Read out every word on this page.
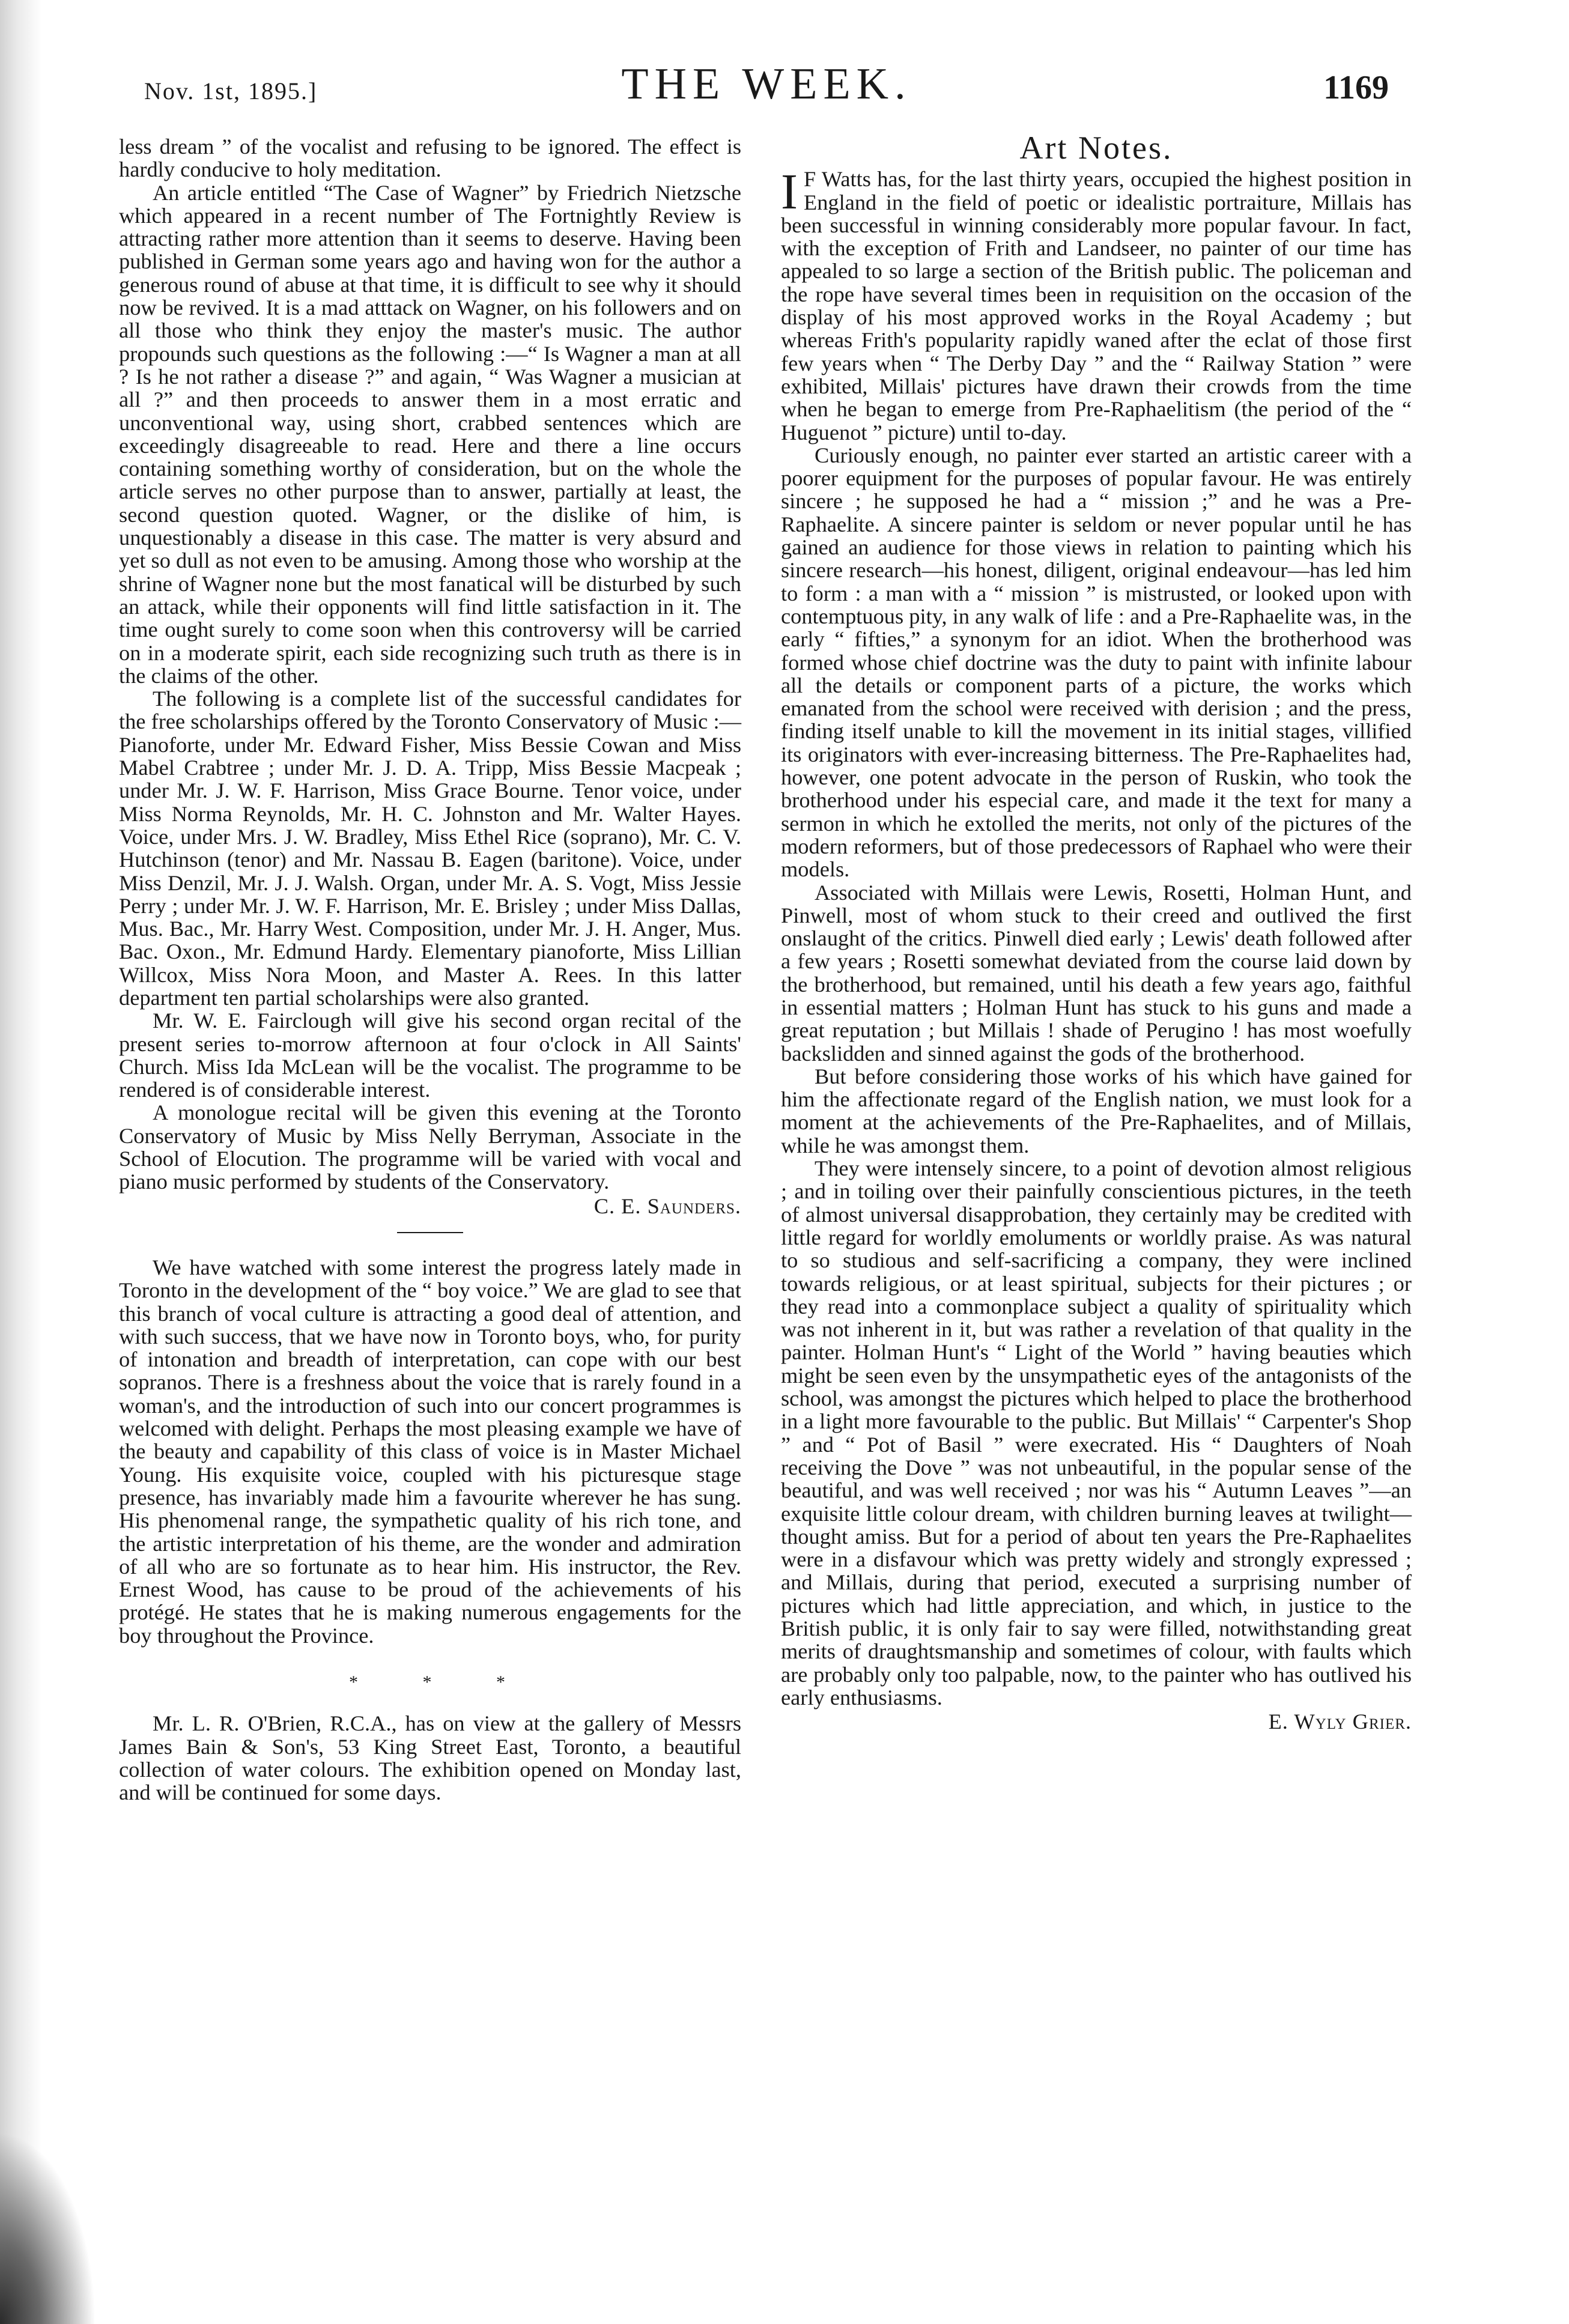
Nov. 1st, 1895.]	THE WEEK.	1169

less dream ” of the vocalist and refusing to be ignored. The effect is hardly conducive to holy meditation.

An article entitled “The Case of Wagner” by Friedrich Nietzsche which appeared in a recent number of The Fortnightly Review is attracting rather more attention than it seems to deserve. Having been published in German some years ago and having won for the author a generous round of abuse at that time, it is difficult to see why it should now be revived. It is a mad atttack on Wagner, on his followers and on all those who think they enjoy the master's music. The author propounds such questions as the following :—“ Is Wagner a man at all ? Is he not rather a disease ?” and again, “ Was Wagner a musician at all ?” and then proceeds to answer them in a most erratic and unconventional way, using short, crabbed sentences which are exceedingly disagreeable to read. Here and there a line occurs containing something worthy of consideration, but on the whole the article serves no other purpose than to answer, partially at least, the second question quoted. Wagner, or the dislike of him, is unquestionably a disease in this case. The matter is very absurd and yet so dull as not even to be amusing. Among those who worship at the shrine of Wagner none but the most fanatical will be disturbed by such an attack, while their opponents will find little satisfaction in it. The time ought surely to come soon when this controversy will be carried on in a moderate spirit, each side recognizing such truth as there is in the claims of the other.

The following is a complete list of the successful candidates for the free scholarships offered by the Toronto Conservatory of Music :—Pianoforte, under Mr. Edward Fisher, Miss Bessie Cowan and Miss Mabel Crabtree ; under Mr. J. D. A. Tripp, Miss Bessie Macpeak ; under Mr. J. W. F. Harrison, Miss Grace Bourne. Tenor voice, under Miss Norma Reynolds, Mr. H. C. Johnston and Mr. Walter Hayes. Voice, under Mrs. J. W. Bradley, Miss Ethel Rice (soprano), Mr. C. V. Hutchinson (tenor) and Mr. Nassau B. Eagen (baritone). Voice, under Miss Denzil, Mr. J. J. Walsh. Organ, under Mr. A. S. Vogt, Miss Jessie Perry ; under Mr. J. W. F. Harrison, Mr. E. Brisley ; under Miss Dallas, Mus. Bac., Mr. Harry West. Composition, under Mr. J. H. Anger, Mus. Bac. Oxon., Mr. Edmund Hardy. Elementary pianoforte, Miss Lillian Willcox, Miss Nora Moon, and Master A. Rees. In this latter department ten partial scholarships were also granted.

Mr. W. E. Fairclough will give his second organ recital of the present series to-morrow afternoon at four o'clock in All Saints' Church. Miss Ida McLean will be the vocalist. The programme to be rendered is of considerable interest.

A monologue recital will be given this evening at the Toronto Conservatory of Music by Miss Nelly Berryman, Associate in the School of Elocution. The programme will be varied with vocal and piano music performed by students of the Conservatory.

C. E. Saunders.

We have watched with some interest the progress lately made in Toronto in the development of the “ boy voice.” We are glad to see that this branch of vocal culture is attracting a good deal of attention, and with such success, that we have now in Toronto boys, who, for purity of intonation and breadth of interpretation, can cope with our best sopranos. There is a freshness about the voice that is rarely found in a woman's, and the introduction of such into our concert programmes is welcomed with delight. Perhaps the most pleasing example we have of the beauty and capability of this class of voice is in Master Michael Young. His exquisite voice, coupled with his picturesque stage presence, has invariably made him a favourite wherever he has sung. His phenomenal range, the sympathetic quality of his rich tone, and the artistic interpretation of his theme, are the wonder and admiration of all who are so fortunate as to hear him. His instructor, the Rev. Ernest Wood, has cause to be proud of the achievements of his protégé. He states that he is making numerous engagements for the boy throughout the Province.

* * *

Mr. L. R. O'Brien, R.C.A., has on view at the gallery of Messrs James Bain & Son's, 53 King Street East, Toronto, a beautiful collection of water colours. The exhibition opened on Monday last, and will be continued for some days.

Art Notes.

I F Watts has, for the last thirty years, occupied the highest position in England in the field of poetic or idealistic portraiture, Millais has been successful in winning considerably more popular favour. In fact, with the exception of Frith and Landseer, no painter of our time has appealed to so large a section of the British public. The policeman and the rope have several times been in requisition on the occasion of the display of his most approved works in the Royal Academy ; but whereas Frith's popularity rapidly waned after the eclat of those first few years when “ The Derby Day ” and the “ Railway Station ” were exhibited, Millais' pictures have drawn their crowds from the time when he began to emerge from Pre-Raphaelitism (the period of the “ Huguenot ” picture) until to-day.

Curiously enough, no painter ever started an artistic career with a poorer equipment for the purposes of popular favour. He was entirely sincere ; he supposed he had a “ mission ;” and he was a Pre-Raphaelite. A sincere painter is seldom or never popular until he has gained an audience for those views in relation to painting which his sincere research—his honest, diligent, original endeavour—has led him to form : a man with a “ mission ” is mistrusted, or looked upon with contemptuous pity, in any walk of life : and a Pre-Raphaelite was, in the early “ fifties,” a synonym for an idiot. When the brotherhood was formed whose chief doctrine was the duty to paint with infinite labour all the details or component parts of a picture, the works which emanated from the school were received with derision ; and the press, finding itself unable to kill the movement in its initial stages, villified its originators with ever-increasing bitterness. The Pre-Raphaelites had, however, one potent advocate in the person of Ruskin, who took the brotherhood under his especial care, and made it the text for many a sermon in which he extolled the merits, not only of the pictures of the modern reformers, but of those predecessors of Raphael who were their models.

Associated with Millais were Lewis, Rosetti, Holman Hunt, and Pinwell, most of whom stuck to their creed and outlived the first onslaught of the critics. Pinwell died early ; Lewis' death followed after a few years ; Rosetti somewhat deviated from the course laid down by the brotherhood, but remained, until his death a few years ago, faithful in essential matters ; Holman Hunt has stuck to his guns and made a great reputation ; but Millais ! shade of Perugino ! has most woefully backslidden and sinned against the gods of the brotherhood.

But before considering those works of his which have gained for him the affectionate regard of the English nation, we must look for a moment at the achievements of the Pre-Raphaelites, and of Millais, while he was amongst them.

They were intensely sincere, to a point of devotion almost religious ; and in toiling over their painfully conscientious pictures, in the teeth of almost universal disapprobation, they certainly may be credited with little regard for worldly emoluments or worldly praise. As was natural to so studious and self-sacrificing a company, they were inclined towards religious, or at least spiritual, subjects for their pictures ; or they read into a commonplace subject a quality of spirituality which was not inherent in it, but was rather a revelation of that quality in the painter. Holman Hunt's “ Light of the World ” having beauties which might be seen even by the unsympathetic eyes of the antagonists of the school, was amongst the pictures which helped to place the brotherhood in a light more favourable to the public. But Millais' “ Carpenter's Shop ” and “ Pot of Basil ” were execrated. His “ Daughters of Noah receiving the Dove ” was not unbeautiful, in the popular sense of the beautiful, and was well received ; nor was his “ Autumn Leaves ”—an exquisite little colour dream, with children burning leaves at twilight—thought amiss. But for a period of about ten years the Pre-Raphaelites were in a disfavour which was pretty widely and strongly expressed ; and Millais, during that period, executed a surprising number of pictures which had little appreciation, and which, in justice to the British public, it is only fair to say were filled, notwithstanding great merits of draughtsmanship and sometimes of colour, with faults which are probably only too palpable, now, to the painter who has outlived his early enthusiasms.

E. Wyly Grier.
